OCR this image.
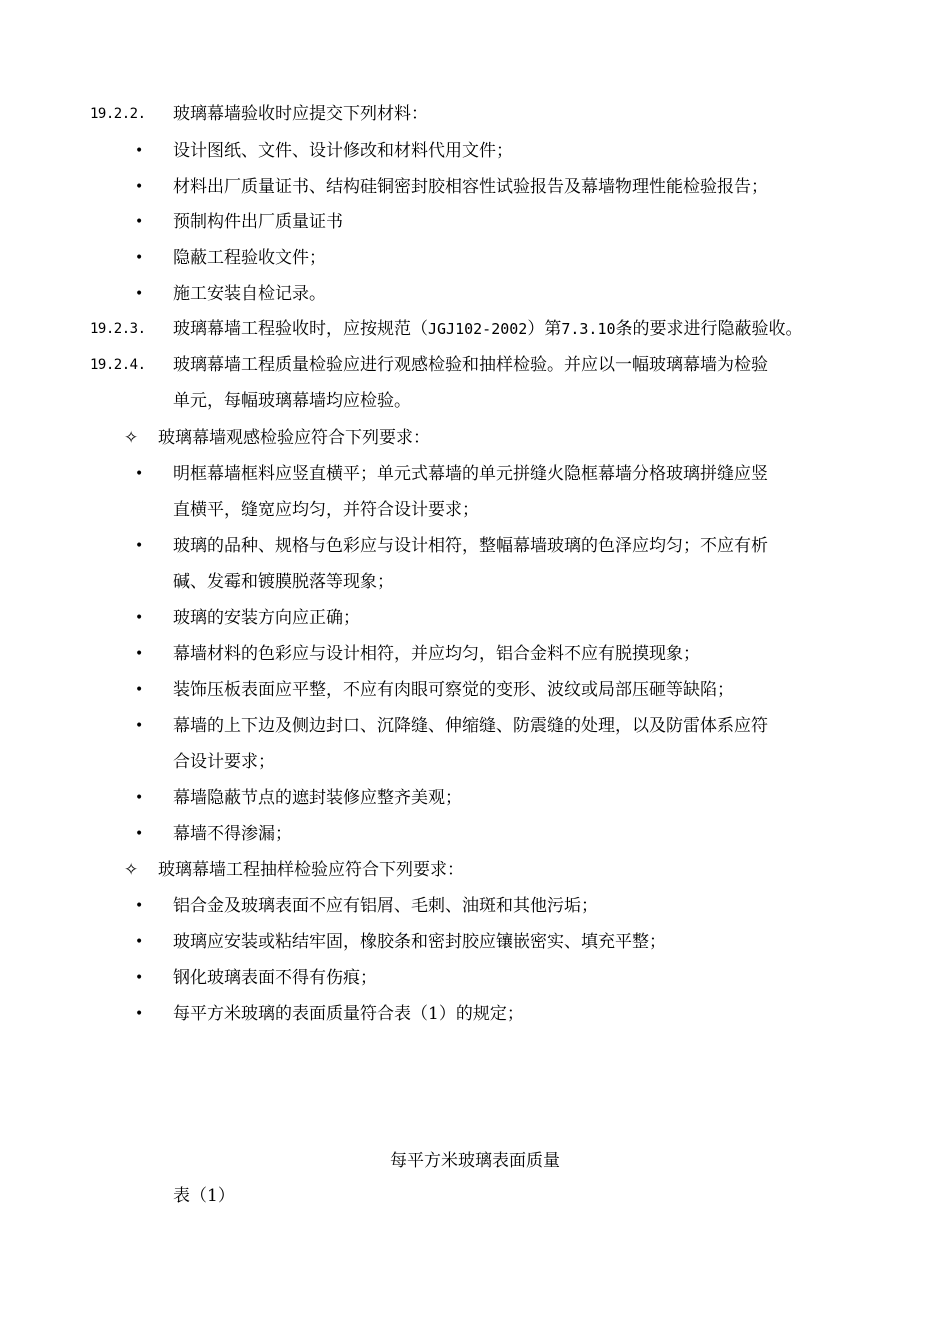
19.2.2. 玻璃幕墙验收时应提交下列材料：
• 设计图纸、文件、设计修改和材料代用文件；
• 材料出厂质量证书、结构硅铜密封胶相容性试验报告及幕墙物理性能检验报告；
• 预制构件出厂质量证书
• 隐蔽工程验收文件；
• 施工安装自检记录。
19.2.3. 玻璃幕墙工程验收时，应按规范（JGJ102-2002）第7.3.10条的要求进行隐蔽验收。
19.2.4. 玻璃幕墙工程质量检验应进行观感检验和抽样检验。并应以一幅玻璃幕墙为检验
单元，每幅玻璃幕墙均应检验。
✧ 玻璃幕墙观感检验应符合下列要求：
• 明框幕墙框料应竖直横平；单元式幕墙的单元拼缝火隐框幕墙分格玻璃拼缝应竖
直横平，缝宽应均匀，并符合设计要求；
• 玻璃的品种、规格与色彩应与设计相符，整幅幕墙玻璃的色泽应均匀；不应有析
碱、发霉和镀膜脱落等现象；
• 玻璃的安装方向应正确；
• 幕墙材料的色彩应与设计相符，并应均匀，铝合金料不应有脱摸现象；
• 装饰压板表面应平整，不应有肉眼可察觉的变形、波纹或局部压砸等缺陷；
• 幕墙的上下边及侧边封口、沉降缝、伸缩缝、防震缝的处理，以及防雷体系应符
合设计要求；
• 幕墙隐蔽节点的遮封装修应整齐美观；
• 幕墙不得渗漏；
✧ 玻璃幕墙工程抽样检验应符合下列要求：
• 铝合金及玻璃表面不应有铝屑、毛刺、油斑和其他污垢；
• 玻璃应安装或粘结牢固，橡胶条和密封胶应镶嵌密实、填充平整；
• 钢化玻璃表面不得有伤痕；
• 每平方米玻璃的表面质量符合表（1）的规定；
每平方米玻璃表面质量
表（1）
